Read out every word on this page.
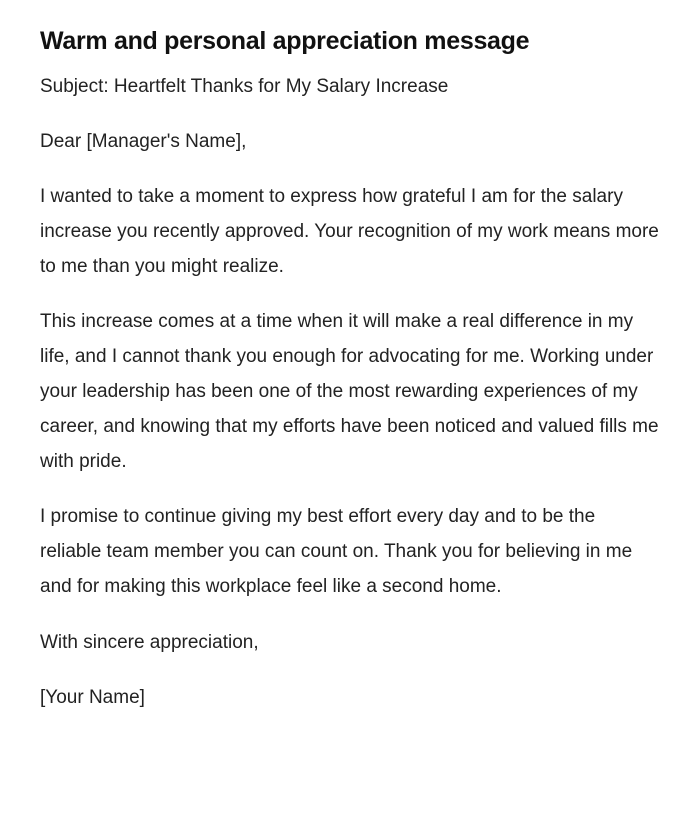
Warm and personal appreciation message

Subject: Heartfelt Thanks for My Salary Increase

Dear [Manager's Name],

I wanted to take a moment to express how grateful I am for the salary increase you recently approved. Your recognition of my work means more to me than you might realize.

This increase comes at a time when it will make a real difference in my life, and I cannot thank you enough for advocating for me. Working under your leadership has been one of the most rewarding experiences of my career, and knowing that my efforts have been noticed and valued fills me with pride.

I promise to continue giving my best effort every day and to be the reliable team member you can count on. Thank you for believing in me and for making this workplace feel like a second home.

With sincere appreciation,

[Your Name]
